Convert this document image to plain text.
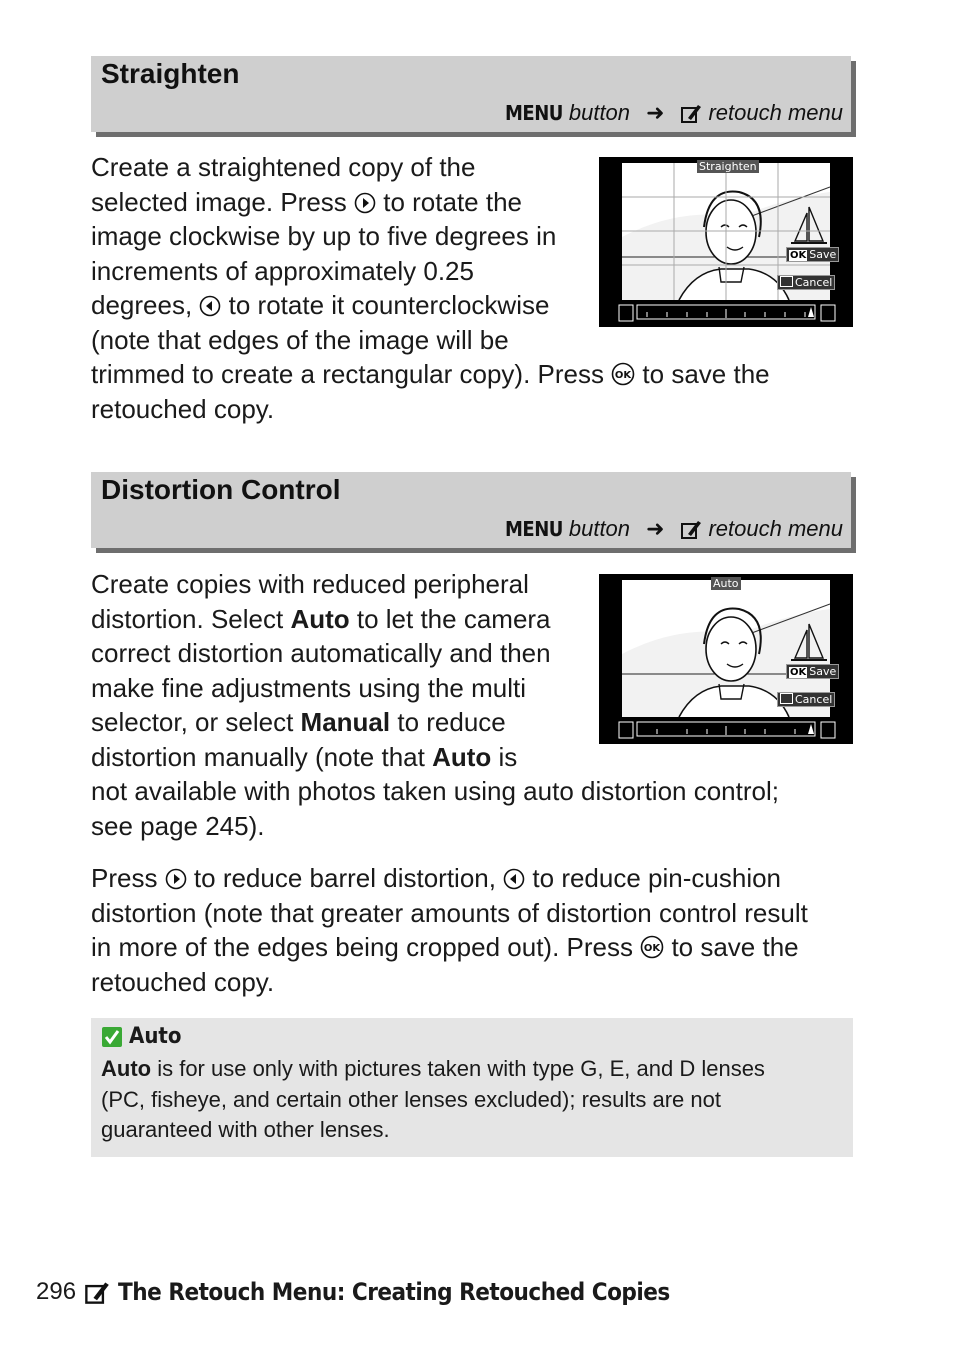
Straighten
MENU button ➜ retouch menu
Create a straightened copy of the
selected image. Press  to rotate the
image clockwise by up to five degrees in
increments of approximately 0.25
degrees,  to rotate it counterclockwise
(note that edges of the image will be
trimmed to create a rectangular copy). Press OK to save the
retouched copy.
Straighten
OK Save
Cancel
Distortion Control
MENU button ➜ retouch menu
Create copies with reduced peripheral
distortion. Select Auto to let the camera
correct distortion automatically and then
make fine adjustments using the multi
selector, or select Manual to reduce
distortion manually (note that Auto is
not available with photos taken using auto distortion control;
see page 245).
Auto
OK Save
Cancel
Press  to reduce barrel distortion,  to reduce pin-cushion
distortion (note that greater amounts of distortion control result
in more of the edges being cropped out). Press OK to save the
retouched copy.
Auto
Auto is for use only with pictures taken with type G, E, and D lenses
(PC, fisheye, and certain other lenses excluded); results are not
guaranteed with other lenses.
296 The Retouch Menu: Creating Retouched Copies
